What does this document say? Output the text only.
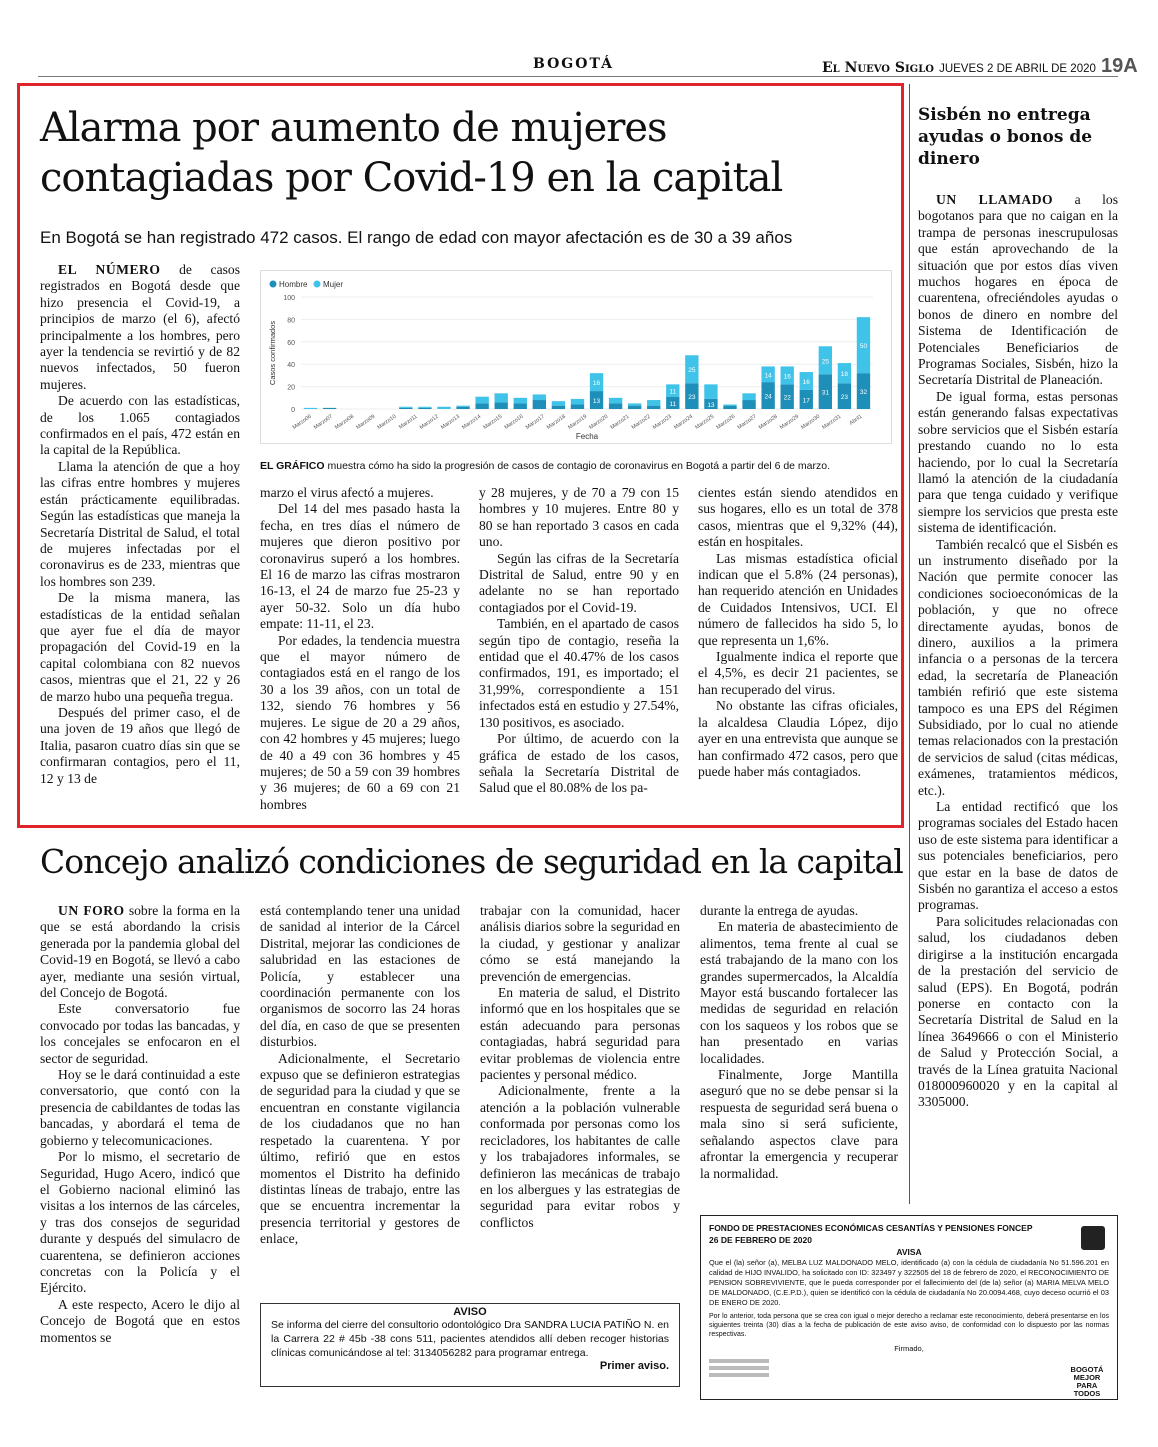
BOGOTÁ	El Nuevo Siglo JUEVES 2 DE ABRIL DE 2020 19A
Alarma por aumento de mujeres
contagiadas por Covid-19 en la capital
En Bogotá se han registrado 472 casos. El rango de edad con mayor afectación es de 30 a 39 años

EL NÚMERO de casos registrados en Bogotá desde que hizo presencia el Covid-19, a principios de marzo (el 6), afectó principalmente a los hombres, pero ayer la tendencia se revirtió y de 82 nuevos infectados, 50 fueron mujeres.

De acuerdo con las estadísticas, de los 1.065 contagiados confirmados en el país, 472 están en la capital de la República.

Llama la atención de que a hoy las cifras entre hombres y mujeres están prácticamente equilibradas. Según las estadísticas que maneja la Secretaría Distrital de Salud, el total de mujeres infectadas por el coronavirus es de 233, mientras que los hombres son 239.

De la misma manera, las estadísticas de la entidad señalan que ayer fue el día de mayor propagación del Covid-19 en la capital colombiana con 82 nuevos casos, mientras que el 21, 22 y 26 de marzo hubo una pequeña tregua.

Después del primer caso, el de una joven de 19 años que llegó de Italia, pasaron cuatro días sin que se confirmaran contagios, pero el 11, 12 y 13 de

Hombre Mujer
0
20
40
60
80
100
Casos confirmados
13
16
11
11
23
25
13
24
14
22
16
17
16
31
25
23
18
32
50
Marzo06 Marzo07 Marzo08 Marzo09 Marzo10 Marzo11 Marzo12 Marzo13 Marzo14 Marzo15 Marzo16 Marzo17 Marzo18 Marzo19 Marzo20 Marzo21 Marzo22 Marzo23 Marzo24 Marzo25 Marzo26 Marzo27 Marzo28 Marzo29 Marzo30 Marzo31 Abril1
Fecha
EL GRÁFICO muestra cómo ha sido la progresión de casos de contagio de coronavirus en Bogotá a partir del 6 de marzo.

marzo el virus afectó a mujeres.

Del 14 del mes pasado hasta la fecha, en tres días el número de mujeres que dieron positivo por coronavirus superó a los hombres. El 16 de marzo las cifras mostraron 16-13, el 24 de marzo fue 25-23 y ayer 50-32. Solo un día hubo empate: 11-11, el 23.

Por edades, la tendencia muestra que el mayor número de contagiados está en el rango de los 30 a los 39 años, con un total de 132, siendo 76 hombres y 56 mujeres. Le sigue de 20 a 29 años, con 42 hombres y 45 mujeres; luego de 40 a 49 con 36 hombres y 45 mujeres; de 50 a 59 con 39 hombres y 36 mujeres; de 60 a 69 con 21 hombres

y 28 mujeres, y de 70 a 79 con 15 hombres y 10 mujeres. Entre 80 y 80 se han reportado 3 casos en cada uno.

Según las cifras de la Secretaría Distrital de Salud, entre 90 y en adelante no se han reportado contagiados por el Covid-19.

También, en el apartado de casos según tipo de contagio, reseña la entidad que el 40.47% de los casos confirmados, 191, es importado; el 31,99%, correspondiente a 151 infectados está en estudio y 27.54%, 130 positivos, es asociado.

Por último, de acuerdo con la gráfica de estado de los casos, señala la Secretaría Distrital de Salud que el 80.08% de los pa-

cientes están siendo atendidos en sus hogares, ello es un total de 378 casos, mientras que el 9,32% (44), están en hospitales.

Las mismas estadística oficial indican que el 5.8% (24 personas), han requerido atención en Unidades de Cuidados Intensivos, UCI. El número de fallecidos ha sido 5, lo que representa un 1,6%.

Igualmente indica el reporte que el 4,5%, es decir 21 pacientes, se han recuperado del virus.

No obstante las cifras oficiales, la alcaldesa Claudia López, dijo ayer en una entrevista que aunque se han confirmado 472 casos, pero que puede haber más contagiados.

Sisbén no entrega ayudas o bonos de dinero

UN LLAMADO a los bogotanos para que no caigan en la trampa de personas inescrupulosas que están aprovechando de la situación que por estos días viven muchos hogares en época de cuarentena, ofreciéndoles ayudas o bonos de dinero en nombre del Sistema de Identificación de Potenciales Beneficiarios de Programas Sociales, Sisbén, hizo la Secretaría Distrital de Planeación.

De igual forma, estas personas están generando falsas expectativas sobre servicios que el Sisbén estaría prestando cuando no lo esta haciendo, por lo cual la Secretaría llamó la atención de la ciudadanía para que tenga cuidado y verifique siempre los servicios que presta este sistema de identificación.

También recalcó que el Sisbén es un instrumento diseñado por la Nación que permite conocer las condiciones socioeconómicas de la población, y que no ofrece directamente ayudas, bonos de dinero, auxilios a la primera infancia o a personas de la tercera edad, la secretaría de Planeación también refirió que este sistema tampoco es una EPS del Régimen Subsidiado, por lo cual no atiende temas relacionados con la prestación de servicios de salud (citas médicas, exámenes, tratamientos médicos, etc.).

La entidad rectificó que los programas sociales del Estado hacen uso de este sistema para identificar a sus potenciales beneficiarios, pero que estar en la base de datos de Sisbén no garantiza el acceso a estos programas.

Para solicitudes relacionadas con salud, los ciudadanos deben dirigirse a la institución encargada de la prestación del servicio de salud (EPS). En Bogotá, podrán ponerse en contacto con la Secretaría Distrital de Salud en la línea 3649666 o con el Ministerio de Salud y Protección Social, a través de la Línea gratuita Nacional 018000960020 y en la capital al 3305000.

Concejo analizó condiciones de seguridad en la capital

UN FORO sobre la forma en la que se está abordando la crisis generada por la pandemia global del Covid-19 en Bogotá, se llevó a cabo ayer, mediante una sesión virtual, del Concejo de Bogotá.

Este conversatorio fue convocado por todas las bancadas, y los concejales se enfocaron en el sector de seguridad.

Hoy se le dará continuidad a este conversatorio, que contó con la presencia de cabildantes de todas las bancadas, y abordará el tema de gobierno y telecomunicaciones.

Por lo mismo, el secretario de Seguridad, Hugo Acero, indicó que el Gobierno nacional eliminó las visitas a los internos de las cárceles, y tras dos consejos de seguridad durante y después del simulacro de cuarentena, se definieron acciones concretas con la Policía y el Ejército.

A este respecto, Acero le dijo al Concejo de Bogotá que en estos momentos se

está contemplando tener una unidad de sanidad al interior de la Cárcel Distrital, mejorar las condiciones de salubridad en las estaciones de Policía, y establecer una coordinación permanente con los organismos de socorro las 24 horas del día, en caso de que se presenten disturbios.

Adicionalmente, el Secretario expuso que se definieron estrategias de seguridad para la ciudad y que se encuentran en constante vigilancia de los ciudadanos que no han respetado la cuarentena. Y por último, refirió que en estos momentos el Distrito ha definido distintas líneas de trabajo, entre las que se encuentra incrementar la presencia territorial y gestores de enlace,

trabajar con la comunidad, hacer análisis diarios sobre la seguridad en la ciudad, y gestionar y analizar cómo se está manejando la prevención de emergencias.

En materia de salud, el Distrito informó que en los hospitales que se están adecuando para personas contagiadas, habrá seguridad para evitar problemas de violencia entre pacientes y personal médico.

Adicionalmente, frente a la atención a la población vulnerable conformada por personas como los recicladores, los habitantes de calle y los trabajadores informales, se definieron las mecánicas de trabajo en los albergues y las estrategias de seguridad para evitar robos y conflictos

durante la entrega de ayudas.

En materia de abastecimiento de alimentos, tema frente al cual se está trabajando de la mano con los grandes supermercados, la Alcaldía Mayor está buscando fortalecer las medidas de seguridad en relación con los saqueos y los robos que se han presentado en varias localidades.

Finalmente, Jorge Mantilla aseguró que no se debe pensar si la respuesta de seguridad será buena o mala sino si será suficiente, señalando aspectos clave para afrontar la emergencia y recuperar la normalidad.

AVISO
Se informa del cierre del consultorio odontológico Dra SANDRA LUCIA PATIÑO N. en la Carrera 22 # 45b -38 cons 511, pacientes atendidos allí deben recoger historias clínicas comunicándose al tel: 3134056282 para programar entrega.
Primer aviso.
FONDO DE PRESTACIONES ECONÓMICAS CESANTÍAS Y PENSIONES FONCEP
26 DE FEBRERO DE 2020
AVISA
Que el (la) señor (a), MELBA LUZ MALDONADO MELO, identificado (a) con la cédula de ciudadanía No 51.596.201 en calidad de HIJO INVALIDO, ha solicitado con ID: 323497 y 322505 del 18 de febrero de 2020, el RECONOCIMIENTO DE PENSION SOBREVIVIENTE, que le pueda corresponder por el fallecimiento del (de la) señor (a) MARIA MELVA MELO DE MALDONADO, (C.E.P.D.), quien se identificó con la cédula de ciudadanía No 20.0094.468, cuyo deceso ocurrió el 03 DE ENERO DE 2020.
Por lo anterior, toda persona que se crea con igual o mejor derecho a reclamar este reconocimiento, deberá presentarse en los siguientes treinta (30) días a la fecha de publicación de este aviso aviso, de conformidad con lo dispuesto por las normas respectivas.
Firmado,
BOGOTÁ MEJOR PARA TODOS
